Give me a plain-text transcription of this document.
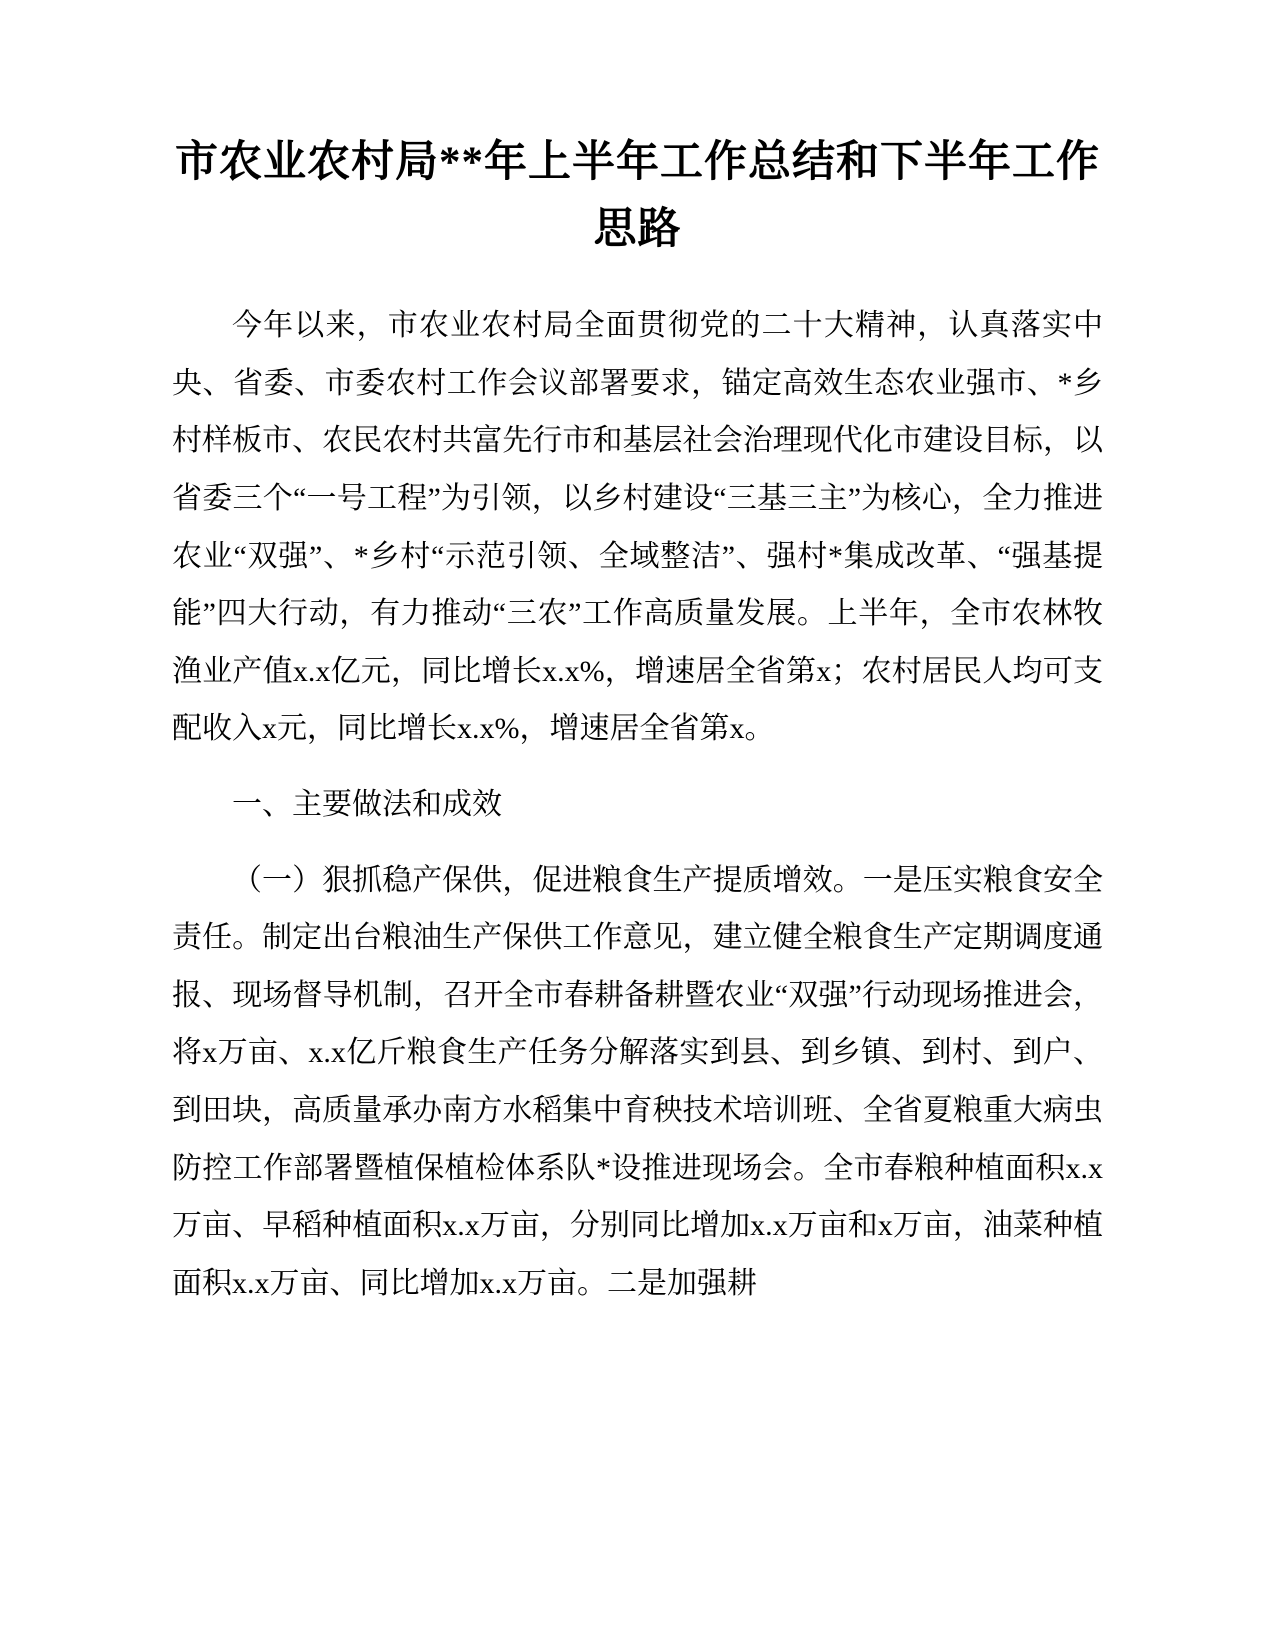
市农业农村局**年上半年工作总结和下半年工作思路

今年以来，市农业农村局全面贯彻党的二十大精神，认真落实中央、省委、市委农村工作会议部署要求，锚定高效生态农业强市、*乡村样板市、农民农村共富先行市和基层社会治理现代化市建设目标，以省委三个“一号工程”为引领，以乡村建设“三基三主”为核心，全力推进农业“双强”、*乡村“示范引领、全域整洁”、强村*集成改革、“强基提能”四大行动，有力推动“三农”工作高质量发展。上半年，全市农林牧渔业产值x.x亿元，同比增长x.x%，增速居全省第x；农村居民人均可支配收入x元，同比增长x.x%，增速居全省第x。

一、主要做法和成效

（一）狠抓稳产保供，促进粮食生产提质增效。一是压实粮食安全责任。制定出台粮油生产保供工作意见，建立健全粮食生产定期调度通报、现场督导机制，召开全市春耕备耕暨农业“双强”行动现场推进会，将x万亩、x.x亿斤粮食生产任务分解落实到县、到乡镇、到村、到户、到田块，高质量承办南方水稻集中育秧技术培训班、全省夏粮重大病虫防控工作部署暨植保植检体系队*设推进现场会。全市春粮种植面积x.x万亩、早稻种植面积x.x万亩，分别同比增加x.x万亩和x万亩，油菜种植面积x.x万亩、同比增加x.x万亩。二是加强耕
